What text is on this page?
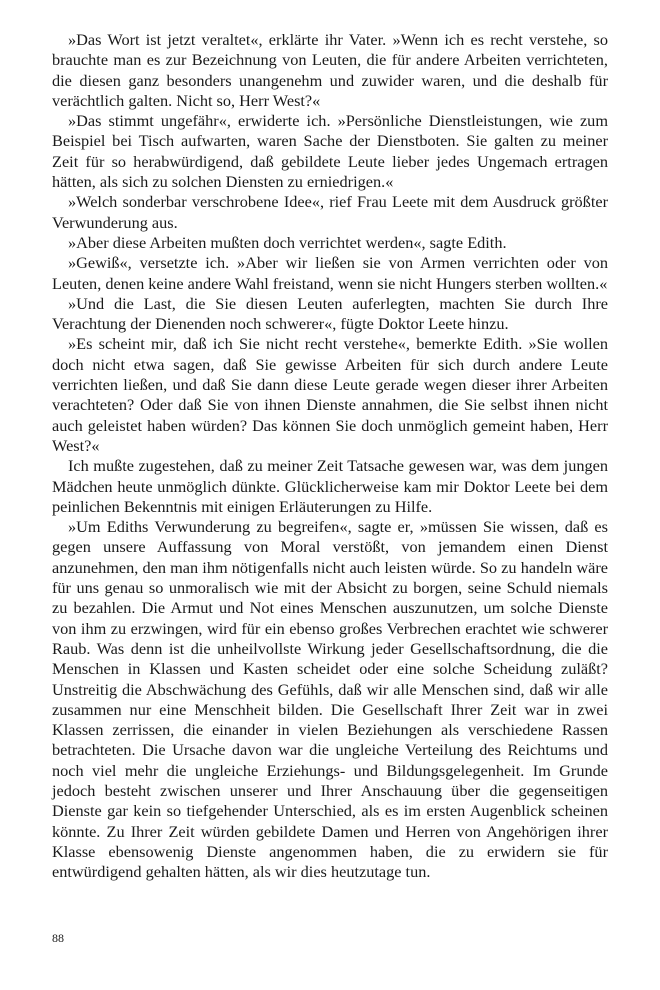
»Das Wort ist jetzt veraltet«, erklärte ihr Vater. »Wenn ich es recht verstehe, so brauchte man es zur Bezeichnung von Leuten, die für andere Arbeiten verrichteten, die diesen ganz besonders unangenehm und zuwider waren, und die deshalb für verächtlich galten. Nicht so, Herr West?«

»Das stimmt ungefähr«, erwiderte ich. »Persönliche Dienstleistungen, wie zum Beispiel bei Tisch aufwarten, waren Sache der Dienstboten. Sie galten zu meiner Zeit für so herabwürdigend, daß gebildete Leute lieber jedes Ungemach ertragen hätten, als sich zu solchen Diensten zu erniedrigen.«

»Welch sonderbar verschrobene Idee«, rief Frau Leete mit dem Ausdruck größter Verwunderung aus.

»Aber diese Arbeiten mußten doch verrichtet werden«, sagte Edith.

»Gewiß«, versetzte ich. »Aber wir ließen sie von Armen verrichten oder von Leuten, denen keine andere Wahl freistand, wenn sie nicht Hungers sterben wollten.«

»Und die Last, die Sie diesen Leuten auferlegten, machten Sie durch Ihre Verachtung der Dienenden noch schwerer«, fügte Doktor Leete hinzu.

»Es scheint mir, daß ich Sie nicht recht verstehe«, bemerkte Edith. »Sie wollen doch nicht etwa sagen, daß Sie gewisse Arbeiten für sich durch andere Leute verrichten ließen, und daß Sie dann diese Leute gerade wegen dieser ihrer Arbeiten verachteten? Oder daß Sie von ihnen Dienste annahmen, die Sie selbst ihnen nicht auch geleistet haben würden? Das können Sie doch unmöglich gemeint haben, Herr West?«

Ich mußte zugestehen, daß zu meiner Zeit Tatsache gewesen war, was dem jungen Mädchen heute unmöglich dünkte. Glücklicherweise kam mir Doktor Leete bei dem peinlichen Bekenntnis mit einigen Erläuterungen zu Hilfe.

»Um Ediths Verwunderung zu begreifen«, sagte er, »müssen Sie wissen, daß es gegen unsere Auffassung von Moral verstößt, von jemandem einen Dienst anzunehmen, den man ihm nötigenfalls nicht auch leisten würde. So zu handeln wäre für uns genau so unmoralisch wie mit der Absicht zu borgen, seine Schuld niemals zu bezahlen. Die Armut und Not eines Menschen auszunutzen, um solche Dienste von ihm zu erzwingen, wird für ein ebenso großes Verbrechen erachtet wie schwerer Raub. Was denn ist die unheilvollste Wirkung jeder Gesellschaftsordnung, die die Menschen in Klassen und Kasten scheidet oder eine solche Scheidung zuläßt? Unstreitig die Abschwächung des Gefühls, daß wir alle Menschen sind, daß wir alle zusammen nur eine Menschheit bilden. Die Gesellschaft Ihrer Zeit war in zwei Klassen zerrissen, die einander in vielen Beziehungen als verschiedene Rassen betrachteten. Die Ursache davon war die ungleiche Verteilung des Reichtums und noch viel mehr die ungleiche Erziehungs- und Bildungsgelegenheit. Im Grunde jedoch besteht zwischen unserer und Ihrer Anschauung über die gegenseitigen Dienste gar kein so tiefgehender Unterschied, als es im ersten Augenblick scheinen könnte. Zu Ihrer Zeit würden gebildete Damen und Herren von Angehörigen ihrer Klasse ebensowenig Dienste angenommen haben, die zu erwidern sie für entwürdigend gehalten hätten, als wir dies heutzutage tun.

88
